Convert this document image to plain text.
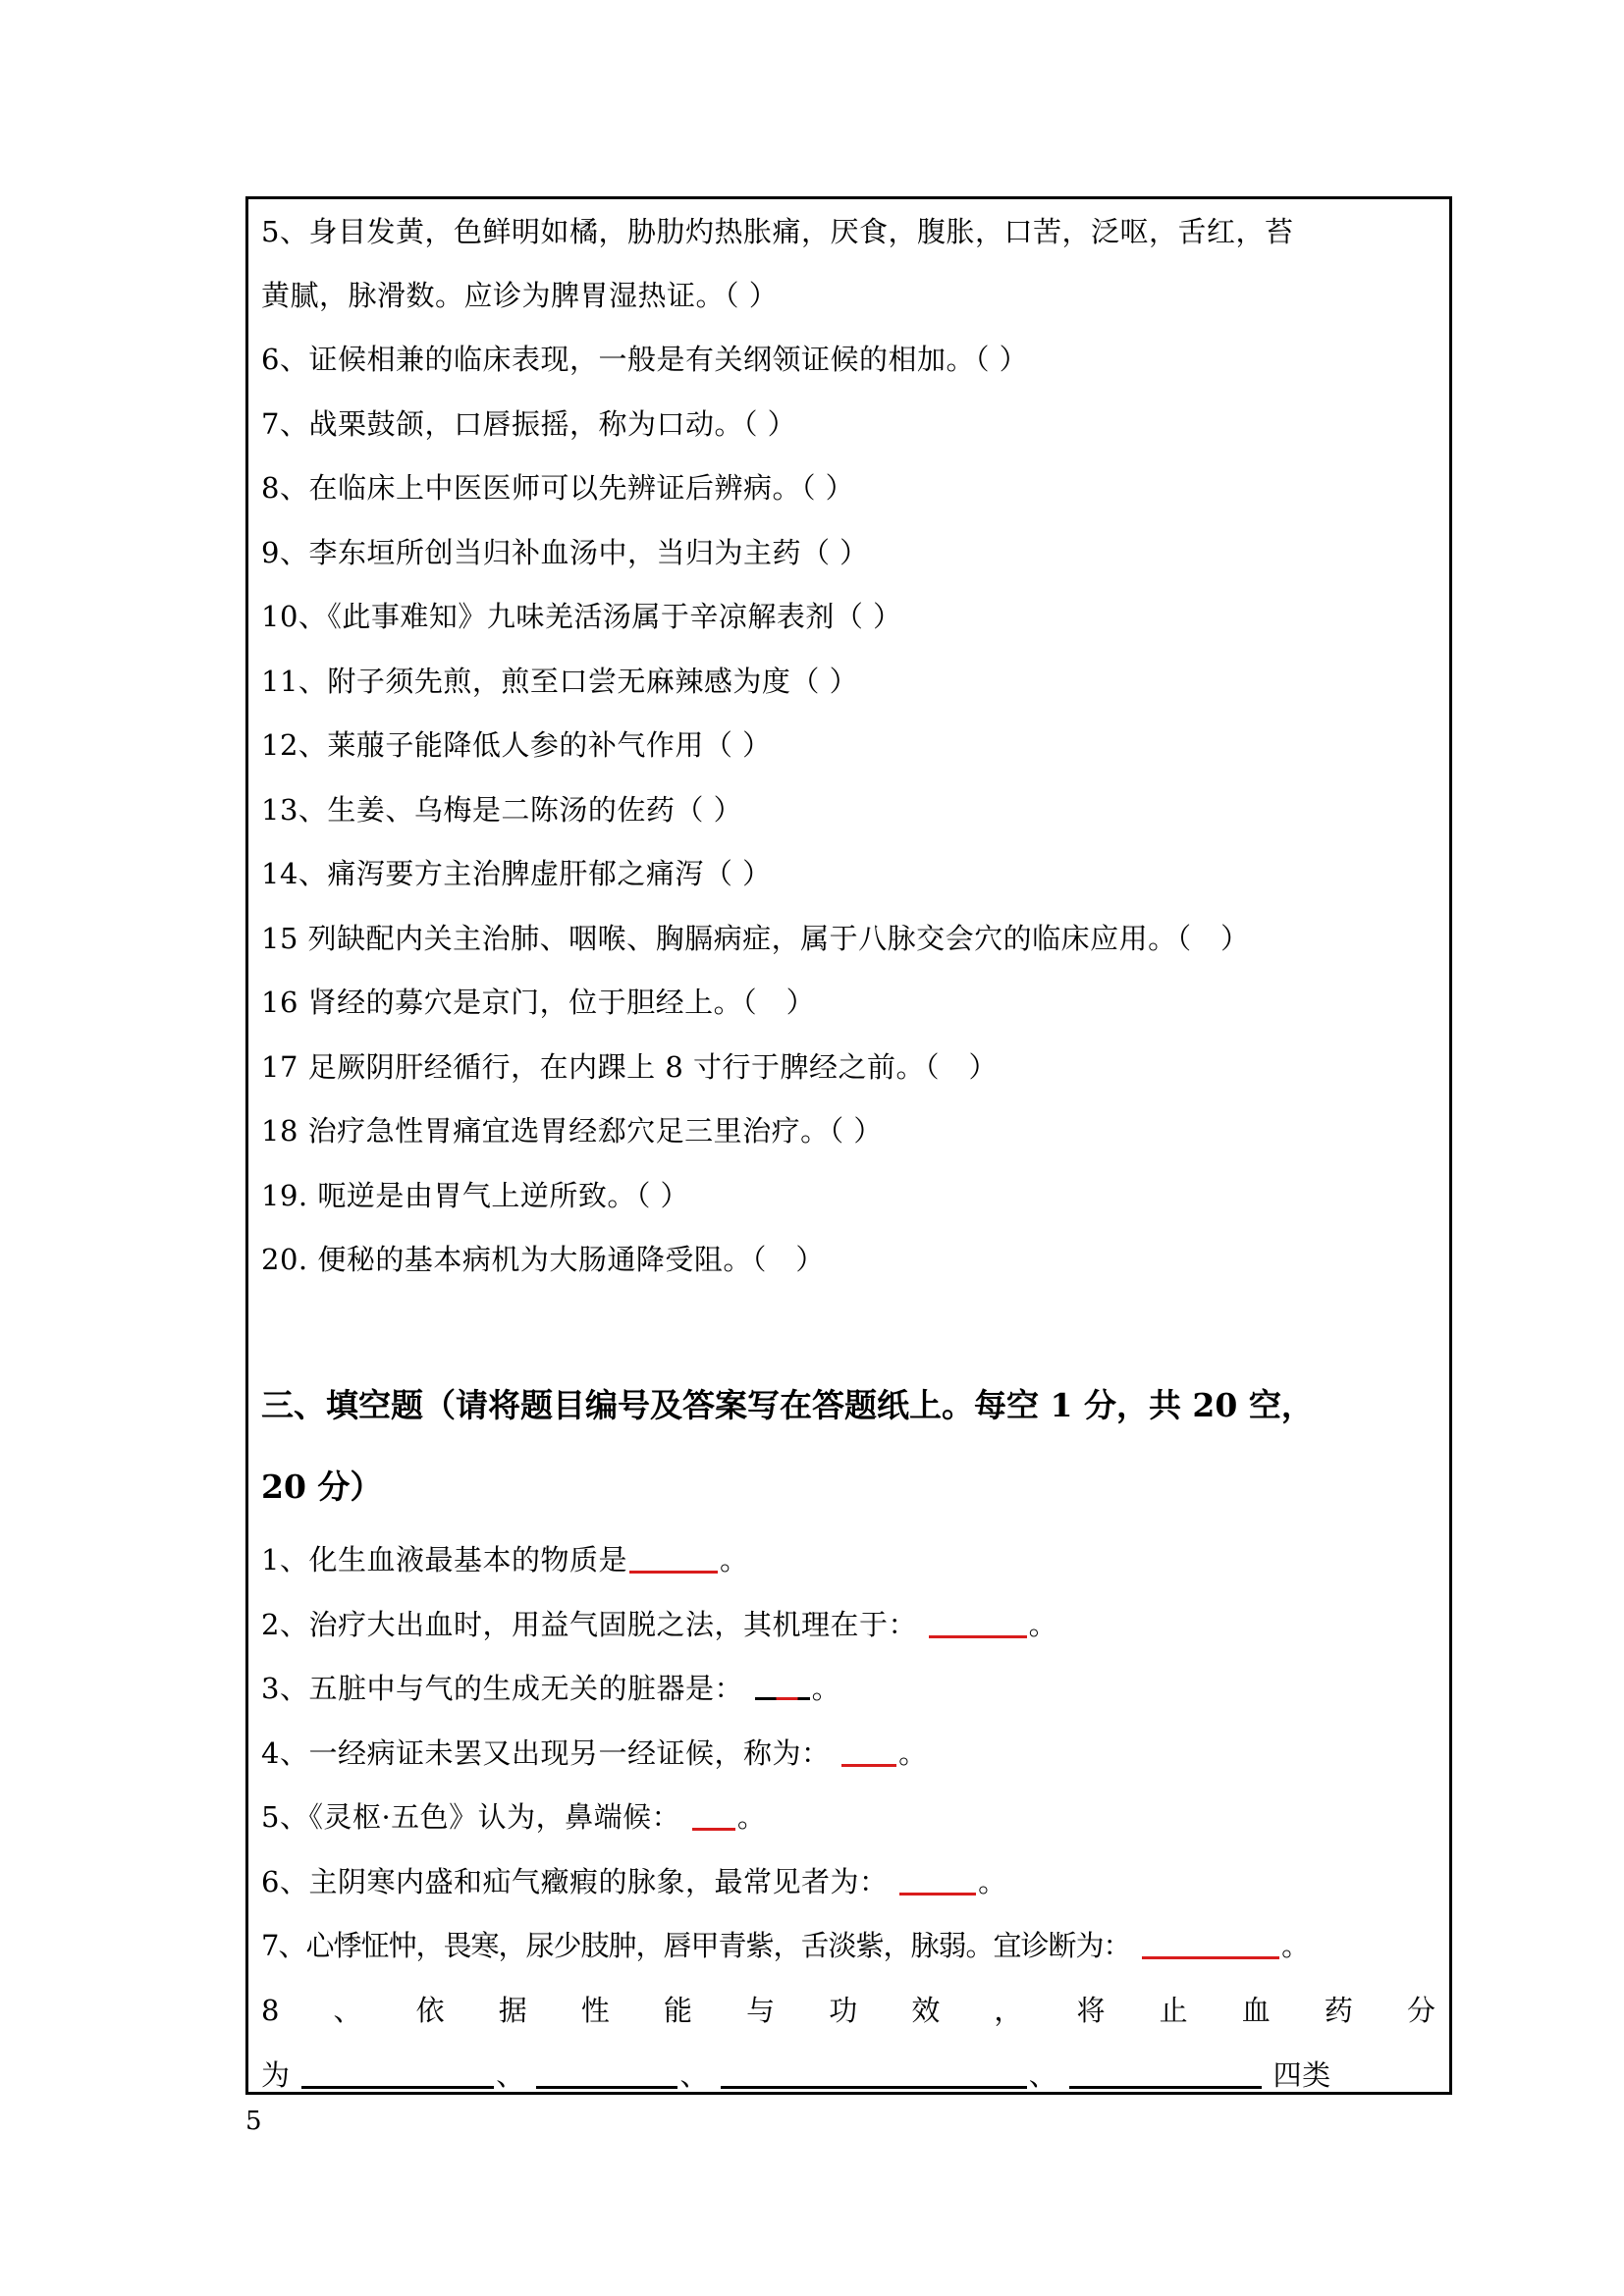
5、身目发黄，色鲜明如橘，胁肋灼热胀痛，厌食，腹胀，口苦，泛呕，舌红，苔
黄腻，脉滑数。应诊为脾胃湿热证。（ ）
6、证候相兼的临床表现，一般是有关纲领证候的相加。（ ）
7、战栗鼓颌，口唇振摇，称为口动。（ ）
8、在临床上中医医师可以先辨证后辨病。（ ）
9、李东垣所创当归补血汤中，当归为主药（ ）
10、《此事难知》九味羌活汤属于辛凉解表剂（ ）
11、附子须先煎，煎至口尝无麻辣感为度（ ）
12、莱菔子能降低人参的补气作用（ ）
13、生姜、乌梅是二陈汤的佐药（ ）
14、痛泻要方主治脾虚肝郁之痛泻（ ）
15 列缺配内关主治肺、咽喉、胸膈病症，属于八脉交会穴的临床应用。（　）
16 肾经的募穴是京门，位于胆经上。（　）
17 足厥阴肝经循行，在内踝上 8 寸行于脾经之前。（　）
18 治疗急性胃痛宜选胃经郄穴足三里治疗。（ ）
19. 呃逆是由胃气上逆所致。（ ）
20. 便秘的基本病机为大肠通降受阻。（　）
三、填空题（请将题目编号及答案写在答题纸上。每空 1 分，共 20 空，
20 分）
1、化生血液最基本的物质是	。
2、治疗大出血时，用益气固脱之法，其机理在于：	。
3、五脏中与气的生成无关的脏器是： 。
4、一经病证未罢又出现另一经证候，称为： 。
5、《灵枢·五色》认为，鼻端候： 。
6、主阴寒内盛和疝气癥瘕的脉象，最常见者为：	。
7、心悸怔忡，畏寒，尿少肢肿，唇甲青紫，舌淡紫，脉弱。宜诊断为：	。
8 、 依 据 性 能 与 功 效 ， 将 止 血 药 分
为	、	、	、	四类
5
